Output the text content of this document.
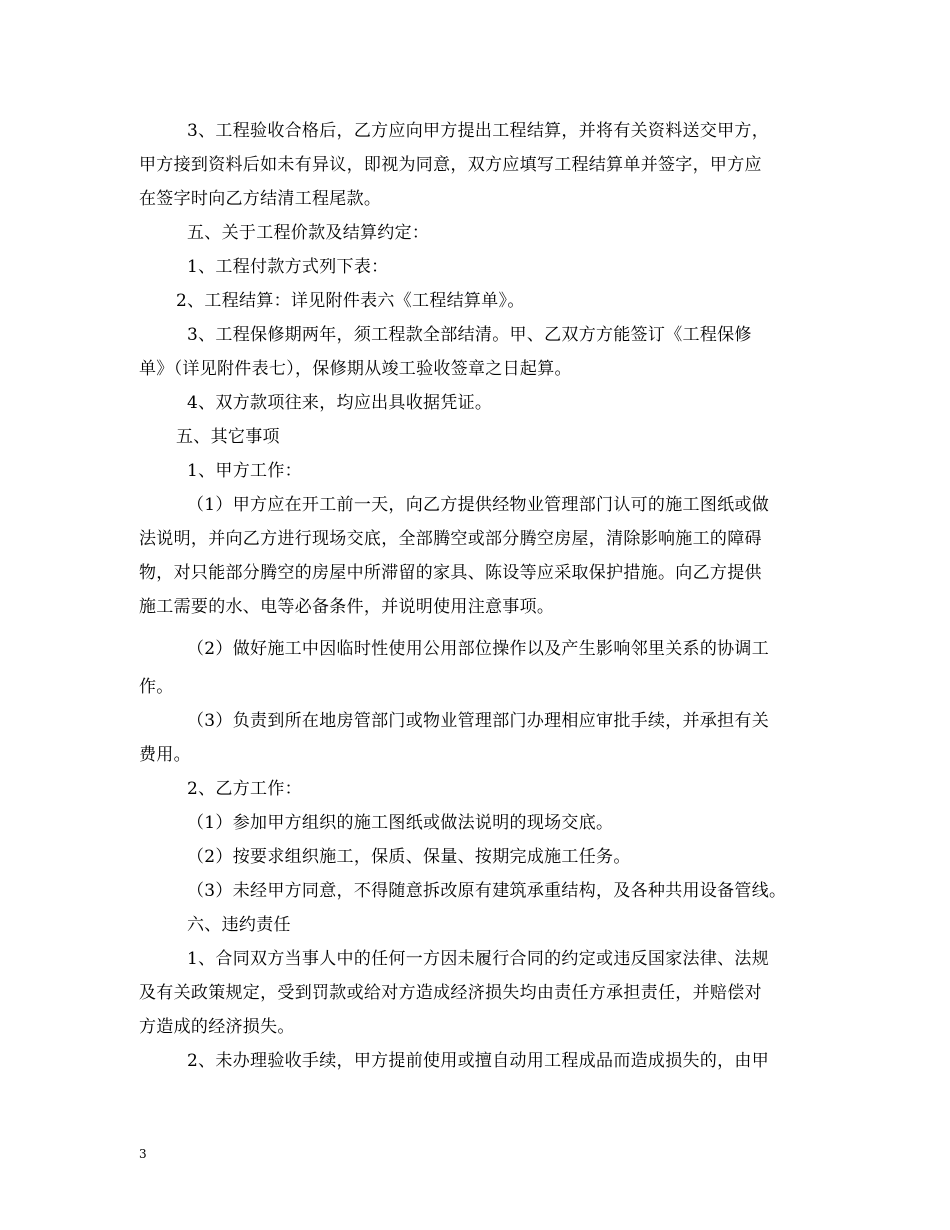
3、工程验收合格后，乙方应向甲方提出工程结算，并将有关资料送交甲方，
甲方接到资料后如未有异议，即视为同意，双方应填写工程结算单并签字，甲方应
在签字时向乙方结清工程尾款。
五、关于工程价款及结算约定：
1、工程付款方式列下表：
2、工程结算：详见附件表六《工程结算单》。
3、工程保修期两年，须工程款全部结清。甲、乙双方方能签订《工程保修
单》（详见附件表七），保修期从竣工验收签章之日起算。
4、双方款项往来，均应出具收据凭证。
五、其它事项
1、甲方工作：
（1）甲方应在开工前一天，向乙方提供经物业管理部门认可的施工图纸或做
法说明，并向乙方进行现场交底，全部腾空或部分腾空房屋，清除影响施工的障碍
物，对只能部分腾空的房屋中所滞留的家具、陈设等应采取保护措施。向乙方提供
施工需要的水、电等必备条件，并说明使用注意事项。
（2）做好施工中因临时性使用公用部位操作以及产生影响邻里关系的协调工
作。
（3）负责到所在地房管部门或物业管理部门办理相应审批手续，并承担有关
费用。
2、乙方工作：
（1）参加甲方组织的施工图纸或做法说明的现场交底。
（2）按要求组织施工，保质、保量、按期完成施工任务。
（3）未经甲方同意，不得随意拆改原有建筑承重结构，及各种共用设备管线。
六、违约责任
1、合同双方当事人中的任何一方因未履行合同的约定或违反国家法律、法规
及有关政策规定，受到罚款或给对方造成经济损失均由责任方承担责任，并赔偿对
方造成的经济损失。
2、未办理验收手续，甲方提前使用或擅自动用工程成品而造成损失的，由甲
3
